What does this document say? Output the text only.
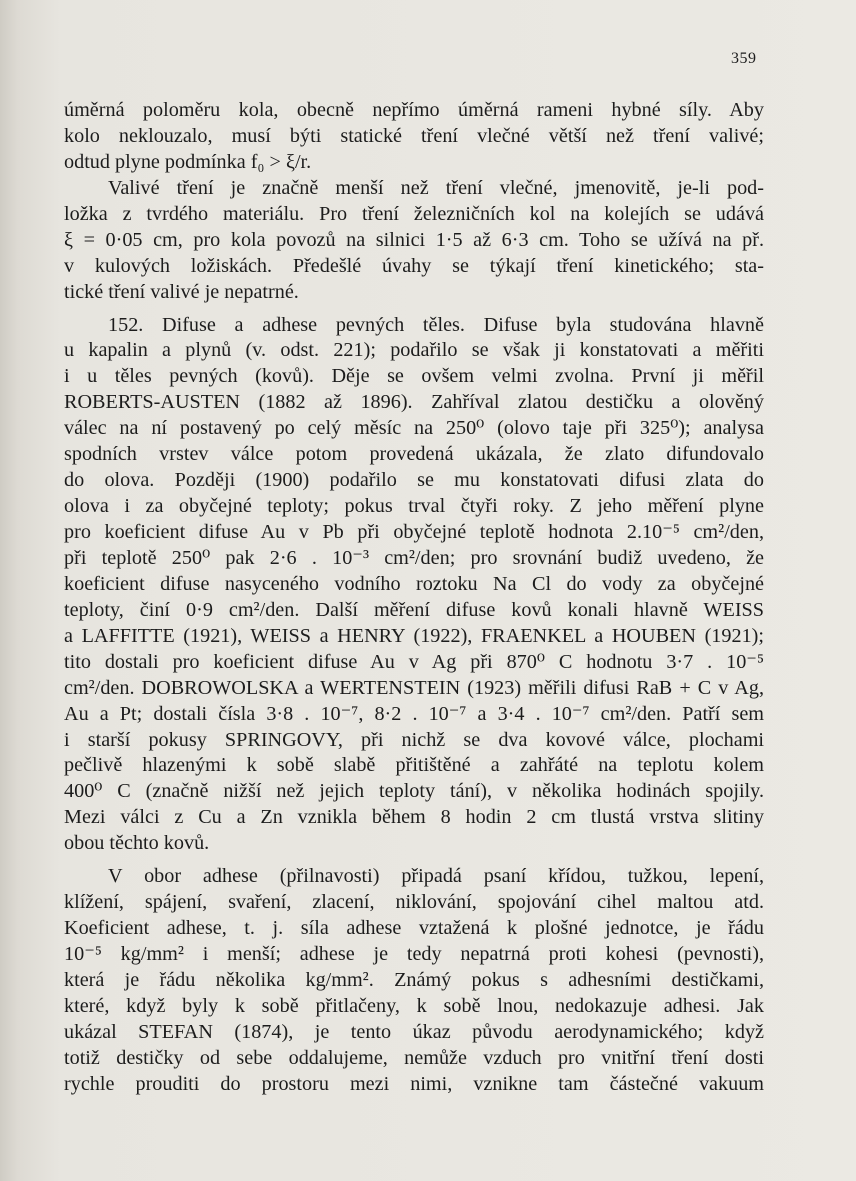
359
úměrná poloměru kola, obecně nepřímo úměrná rameni hybné síly. Aby
kolo neklouzalo, musí býti statické tření vlečné větší než tření valivé;
odtud plyne podmínka f₀ > ξ/r.
Valivé tření je značně menší než tření vlečné, jmenovitě, je-li pod-
ložka z tvrdého materiálu. Pro tření železničních kol na kolejích se udává
ξ = 0·05 cm, pro kola povozů na silnici 1·5 až 6·3 cm. Toho se užívá na př.
v kulových ložiskách. Předešlé úvahy se týkají tření kinetického; sta-
tické tření valivé je nepatrné.
152. Difuse a adhese pevných těles. Difuse byla studována hlavně
u kapalin a plynů (v. odst. 221); podařilo se však ji konstatovati a měřiti
i u těles pevných (kovů). Děje se ovšem velmi zvolna. První ji měřil
ROBERTS-AUSTEN (1882 až 1896). Zahříval zlatou destičku a olověný
válec na ní postavený po celý měsíc na 250⁰ (olovo taje při 325⁰); analysa
spodních vrstev válce potom provedená ukázala, že zlato difundovalo
do olova. Později (1900) podařilo se mu konstatovati difusi zlata do
olova i za obyčejné teploty; pokus trval čtyři roky. Z jeho měření plyne
pro koeficient difuse Au v Pb při obyčejné teplotě hodnota 2.10⁻⁵ cm²/den,
při teplotě 250⁰ pak 2·6 . 10⁻³ cm²/den; pro srovnání budiž uvedeno, že
koeficient difuse nasyceného vodního roztoku Na Cl do vody za obyčejné
teploty, činí 0·9 cm²/den. Další měření difuse kovů konali hlavně WEISS
a LAFFITTE (1921), WEISS a HENRY (1922), FRAENKEL a HOUBEN (1921);
tito dostali pro koeficient difuse Au v Ag při 870⁰ C hodnotu 3·7 . 10⁻⁵
cm²/den. DOBROWOLSKA a WERTENSTEIN (1923) měřili difusi RaB + C v Ag,
Au a Pt; dostali čísla 3·8 . 10⁻⁷, 8·2 . 10⁻⁷ a 3·4 . 10⁻⁷ cm²/den. Patří sem
i starší pokusy SPRINGOVY, při nichž se dva kovové válce, plochami
pečlivě hlazenými k sobě slabě přitištěné a zahřáté na teplotu kolem
400⁰ C (značně nižší než jejich teploty tání), v několika hodinách spojily.
Mezi válci z Cu a Zn vznikla během 8 hodin 2 cm tlustá vrstva slitiny
obou těchto kovů.
V obor adhese (přilnavosti) připadá psaní křídou, tužkou, lepení,
klížení, spájení, svaření, zlacení, niklování, spojování cihel maltou atd.
Koeficient adhese, t. j. síla adhese vztažená k plošné jednotce, je řádu
10⁻⁵ kg/mm² i menší; adhese je tedy nepatrná proti kohesi (pevnosti),
která je řádu několika kg/mm². Známý pokus s adhesními destičkami,
které, když byly k sobě přitlačeny, k sobě lnou, nedokazuje adhesi. Jak
ukázal STEFAN (1874), je tento úkaz původu aerodynamického; když
totiž destičky od sebe oddalujeme, nemůže vzduch pro vnitřní tření dosti
rychle prouditi do prostoru mezi nimi, vznikne tam částečné vakuum
